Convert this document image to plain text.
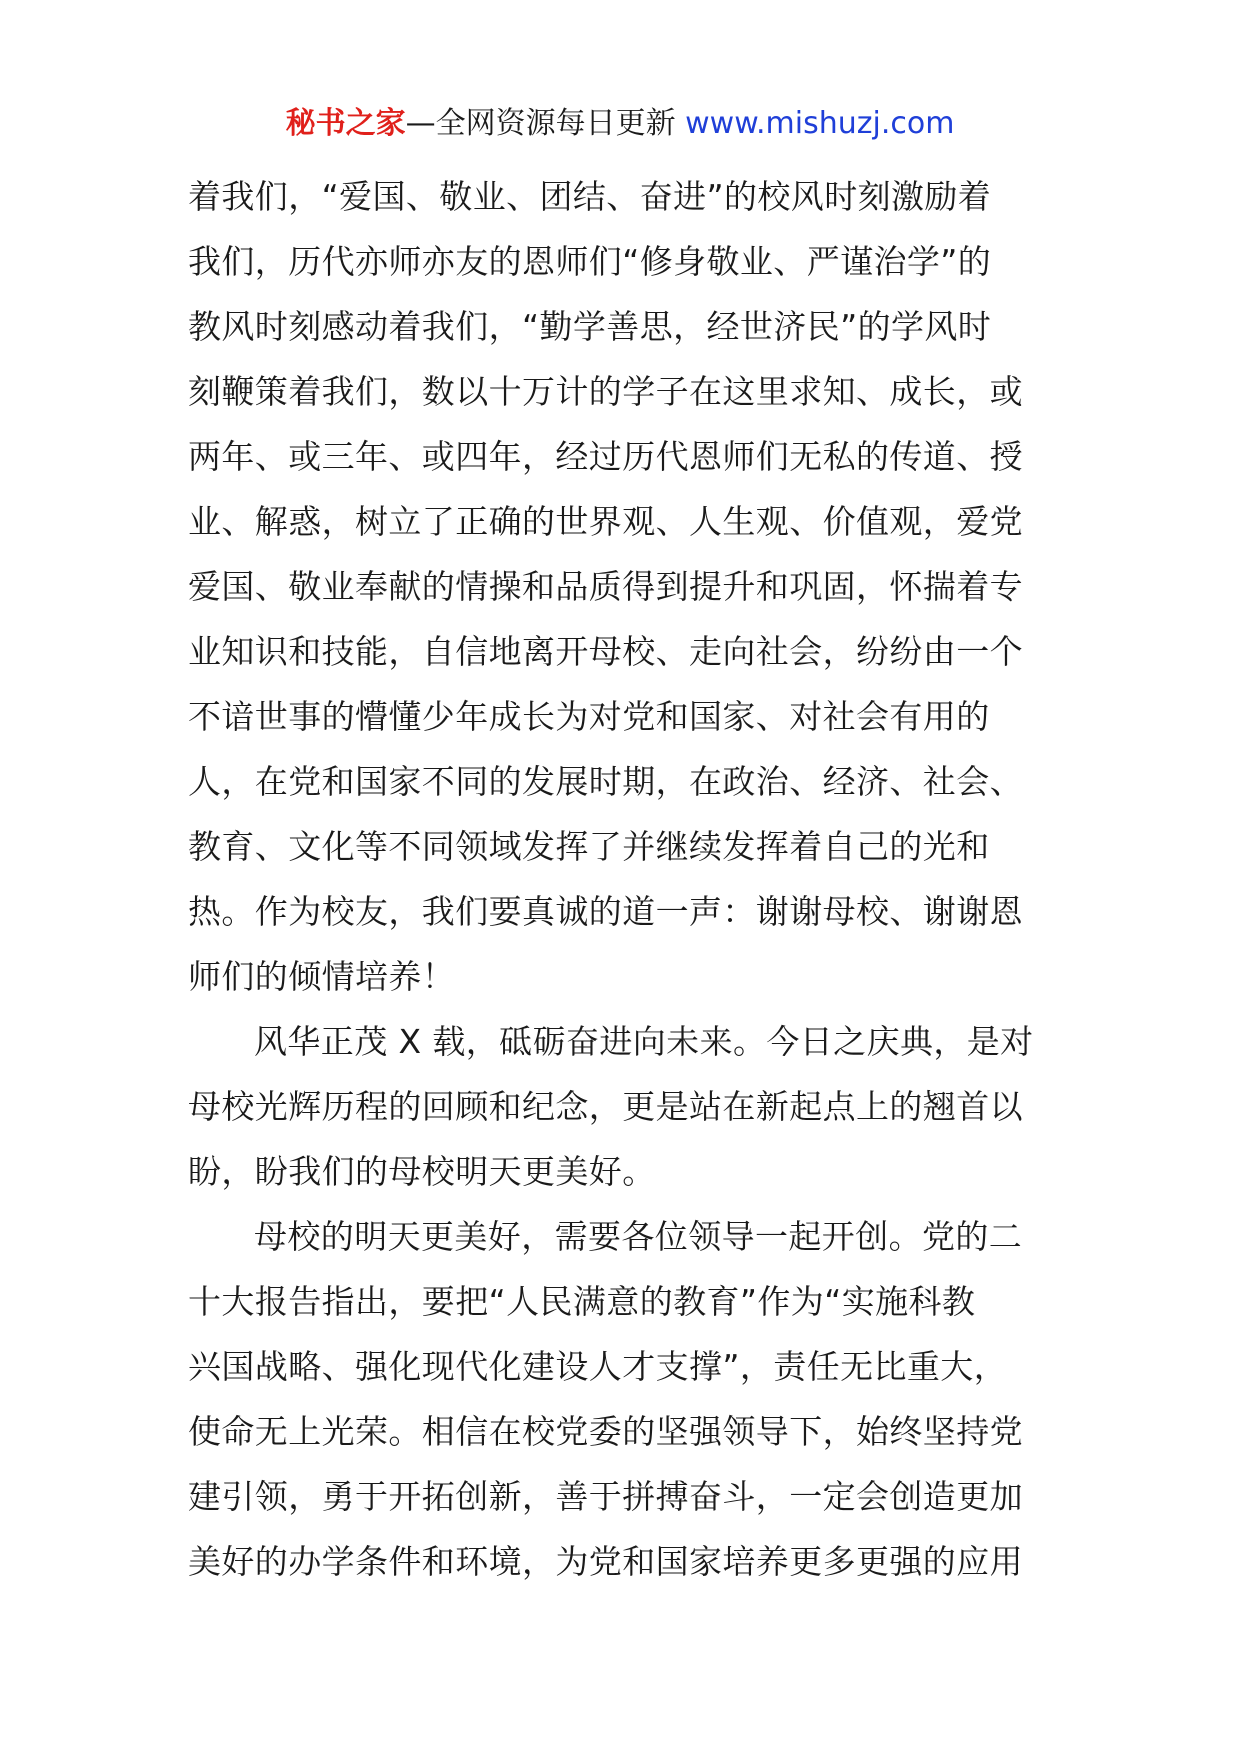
秘书之家—全网资源每日更新 www.mishuzj.com
着我们，“爱国、敬业、团结、奋进”的校风时刻激励着
我们，历代亦师亦友的恩师们“修身敬业、严谨治学”的
教风时刻感动着我们，“勤学善思，经世济民”的学风时
刻鞭策着我们，数以十万计的学子在这里求知、成长，或
两年、或三年、或四年，经过历代恩师们无私的传道、授
业、解惑，树立了正确的世界观、人生观、价值观，爱党
爱国、敬业奉献的情操和品质得到提升和巩固，怀揣着专
业知识和技能，自信地离开母校、走向社会，纷纷由一个
不谙世事的懵懂少年成长为对党和国家、对社会有用的
人，在党和国家不同的发展时期，在政治、经济、社会、
教育、文化等不同领域发挥了并继续发挥着自己的光和
热。作为校友，我们要真诚的道一声：谢谢母校、谢谢恩
师们的倾情培养！
风华正茂 X 载，砥砺奋进向未来。今日之庆典，是对
母校光辉历程的回顾和纪念，更是站在新起点上的翘首以
盼，盼我们的母校明天更美好。
母校的明天更美好，需要各位领导一起开创。党的二
十大报告指出，要把“人民满意的教育”作为“实施科教
兴国战略、强化现代化建设人才支撑”，责任无比重大，
使命无上光荣。相信在校党委的坚强领导下，始终坚持党
建引领，勇于开拓创新，善于拼搏奋斗，一定会创造更加
美好的办学条件和环境，为党和国家培养更多更强的应用
